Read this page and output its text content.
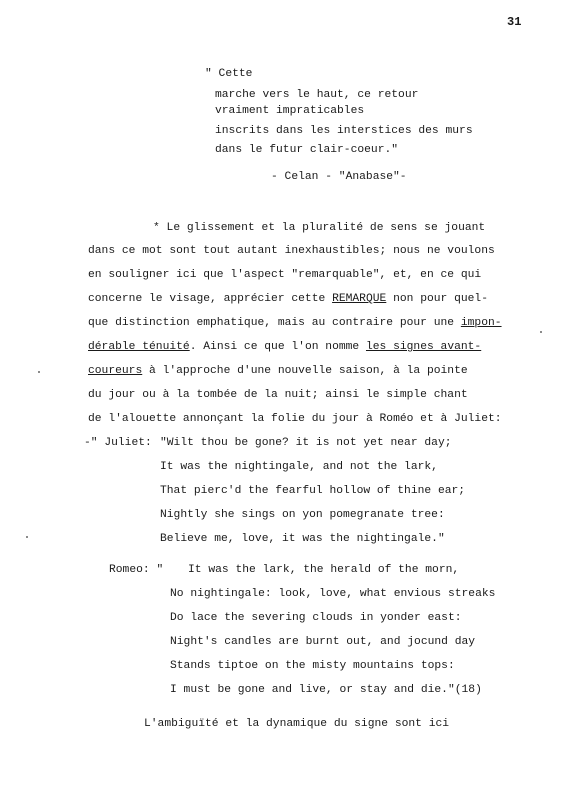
31
" Cette
marche vers le haut, ce retour
vraiment impraticables
inscrits dans les interstices des murs
dans le futur clair-coeur."
- Celan - "Anabase"-
* Le glissement et la pluralité de sens se jouant
dans ce mot sont tout autant inexhaustibles; nous ne voulons
en souligner ici que l'aspect "remarquable", et, en ce qui
concerne le visage, apprécier cette REMARQUE non pour quel-
que distinction emphatique, mais au contraire pour une impon-
dérable ténuité. Ainsi ce que l'on nomme les signes avant-
coureurs à l'approche d'une nouvelle saison, à la pointe
du jour ou à la tombée de la nuit; ainsi le simple chant
de l'alouette annonçant la folie du jour à Roméo et à Juliet:
-" Juliet: "Wilt thou be gone? it is not yet near day;
It was the nightingale, and not the lark,
That pierc'd the fearful hollow of thine ear;
Nightly she sings on yon pomegranate tree:
Believe me, love, it was the nightingale."
Romeo: " It was the lark, the herald of the morn,
No nightingale: look, love, what envious streaks
Do lace the severing clouds in yonder east:
Night's candles are burnt out, and jocund day
Stands tiptoe on the misty mountains tops:
I must be gone and live, or stay and die."(18)
L'ambiguïté et la dynamique du signe sont ici
